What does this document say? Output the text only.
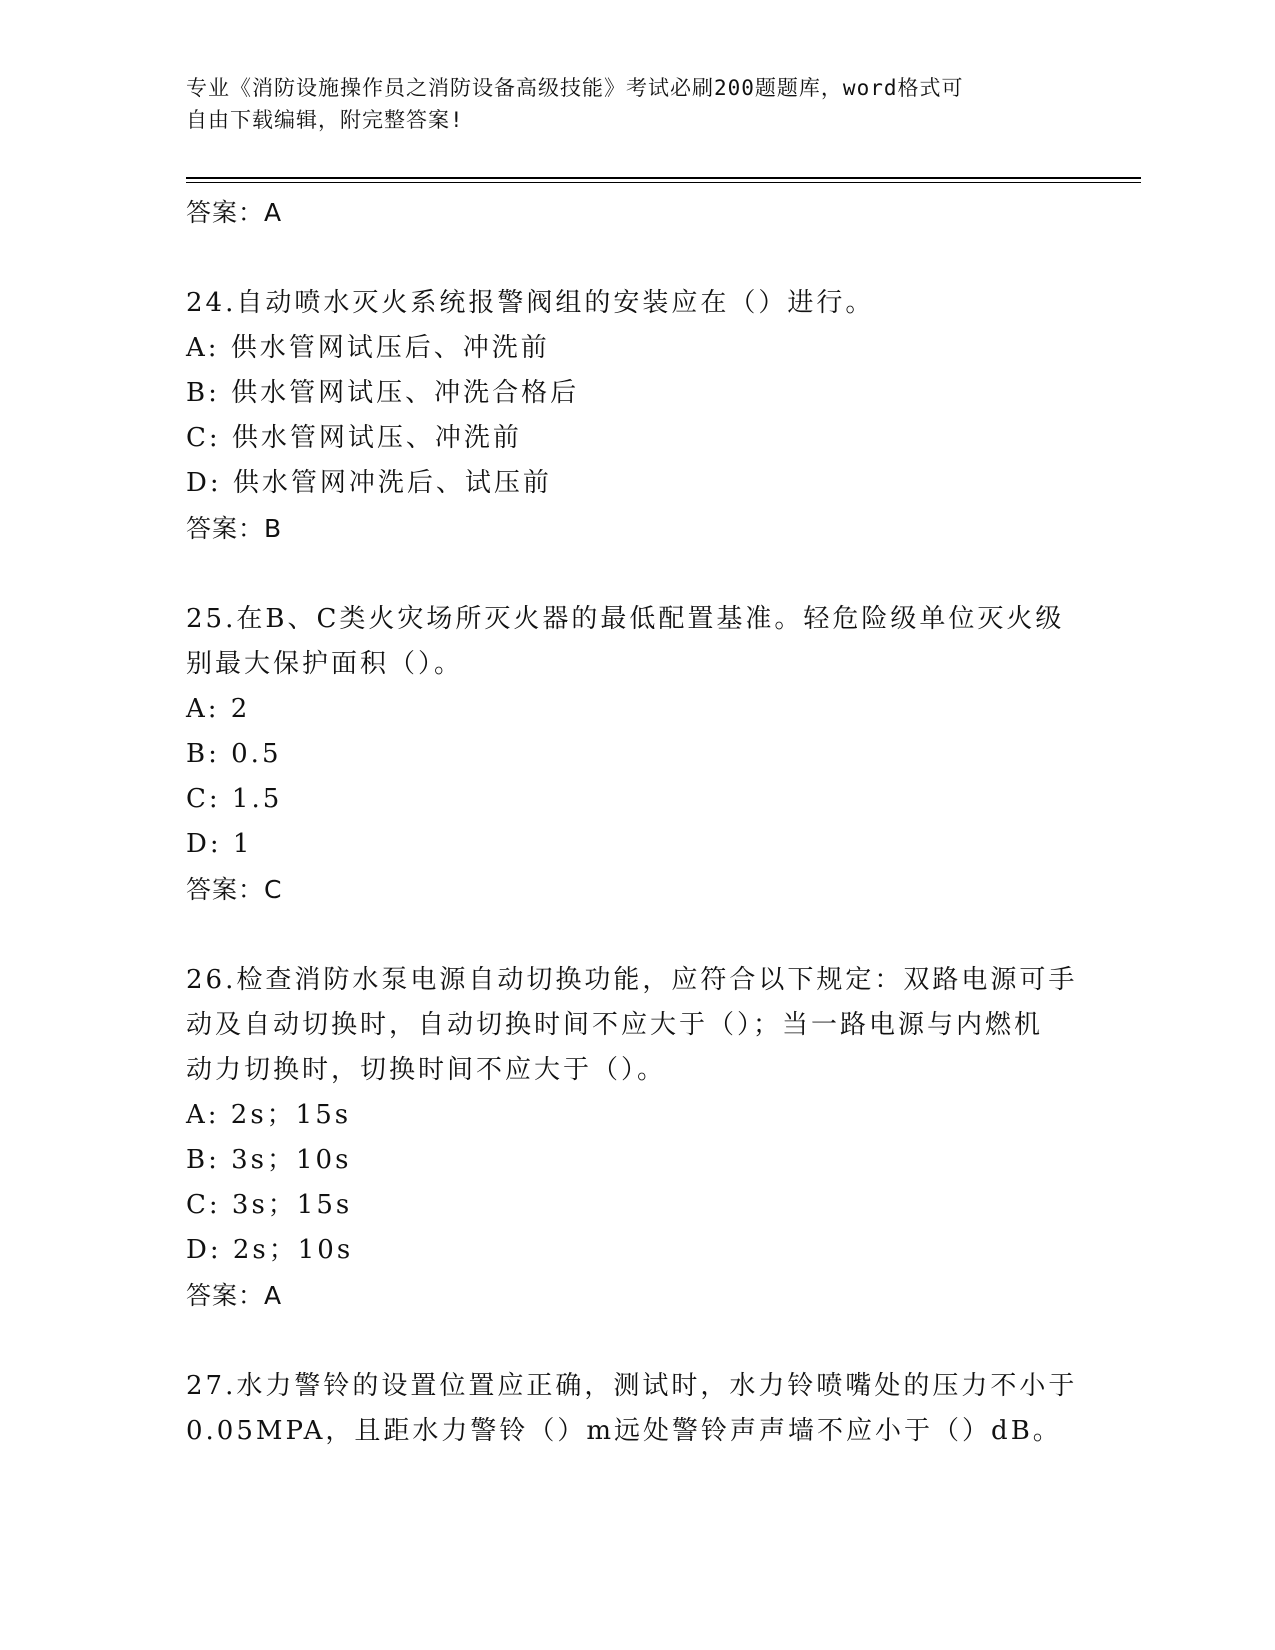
专业《消防设施操作员之消防设备高级技能》考试必刷200题题库，word格式可
自由下载编辑，附完整答案!
答案：A
24.自动喷水灭火系统报警阀组的安装应在（）进行。
A: 供水管网试压后、冲洗前
B: 供水管网试压、冲洗合格后
C: 供水管网试压、冲洗前
D: 供水管网冲洗后、试压前
答案：B
25.在B、C类火灾场所灭火器的最低配置基准。轻危险级单位灭火级
别最大保护面积（）。
A: 2
B: 0.5
C: 1.5
D: 1
答案：C
26.检查消防水泵电源自动切换功能，应符合以下规定：双路电源可手
动及自动切换时，自动切换时间不应大于（）；当一路电源与内燃机
动力切换时，切换时间不应大于（）。
A: 2s；15s
B: 3s；10s
C: 3s；15s
D: 2s；10s
答案：A
27.水力警铃的设置位置应正确，测试时，水力铃喷嘴处的压力不小于
0.05MPA，且距水力警铃（）m远处警铃声声墙不应小于（）dB。
